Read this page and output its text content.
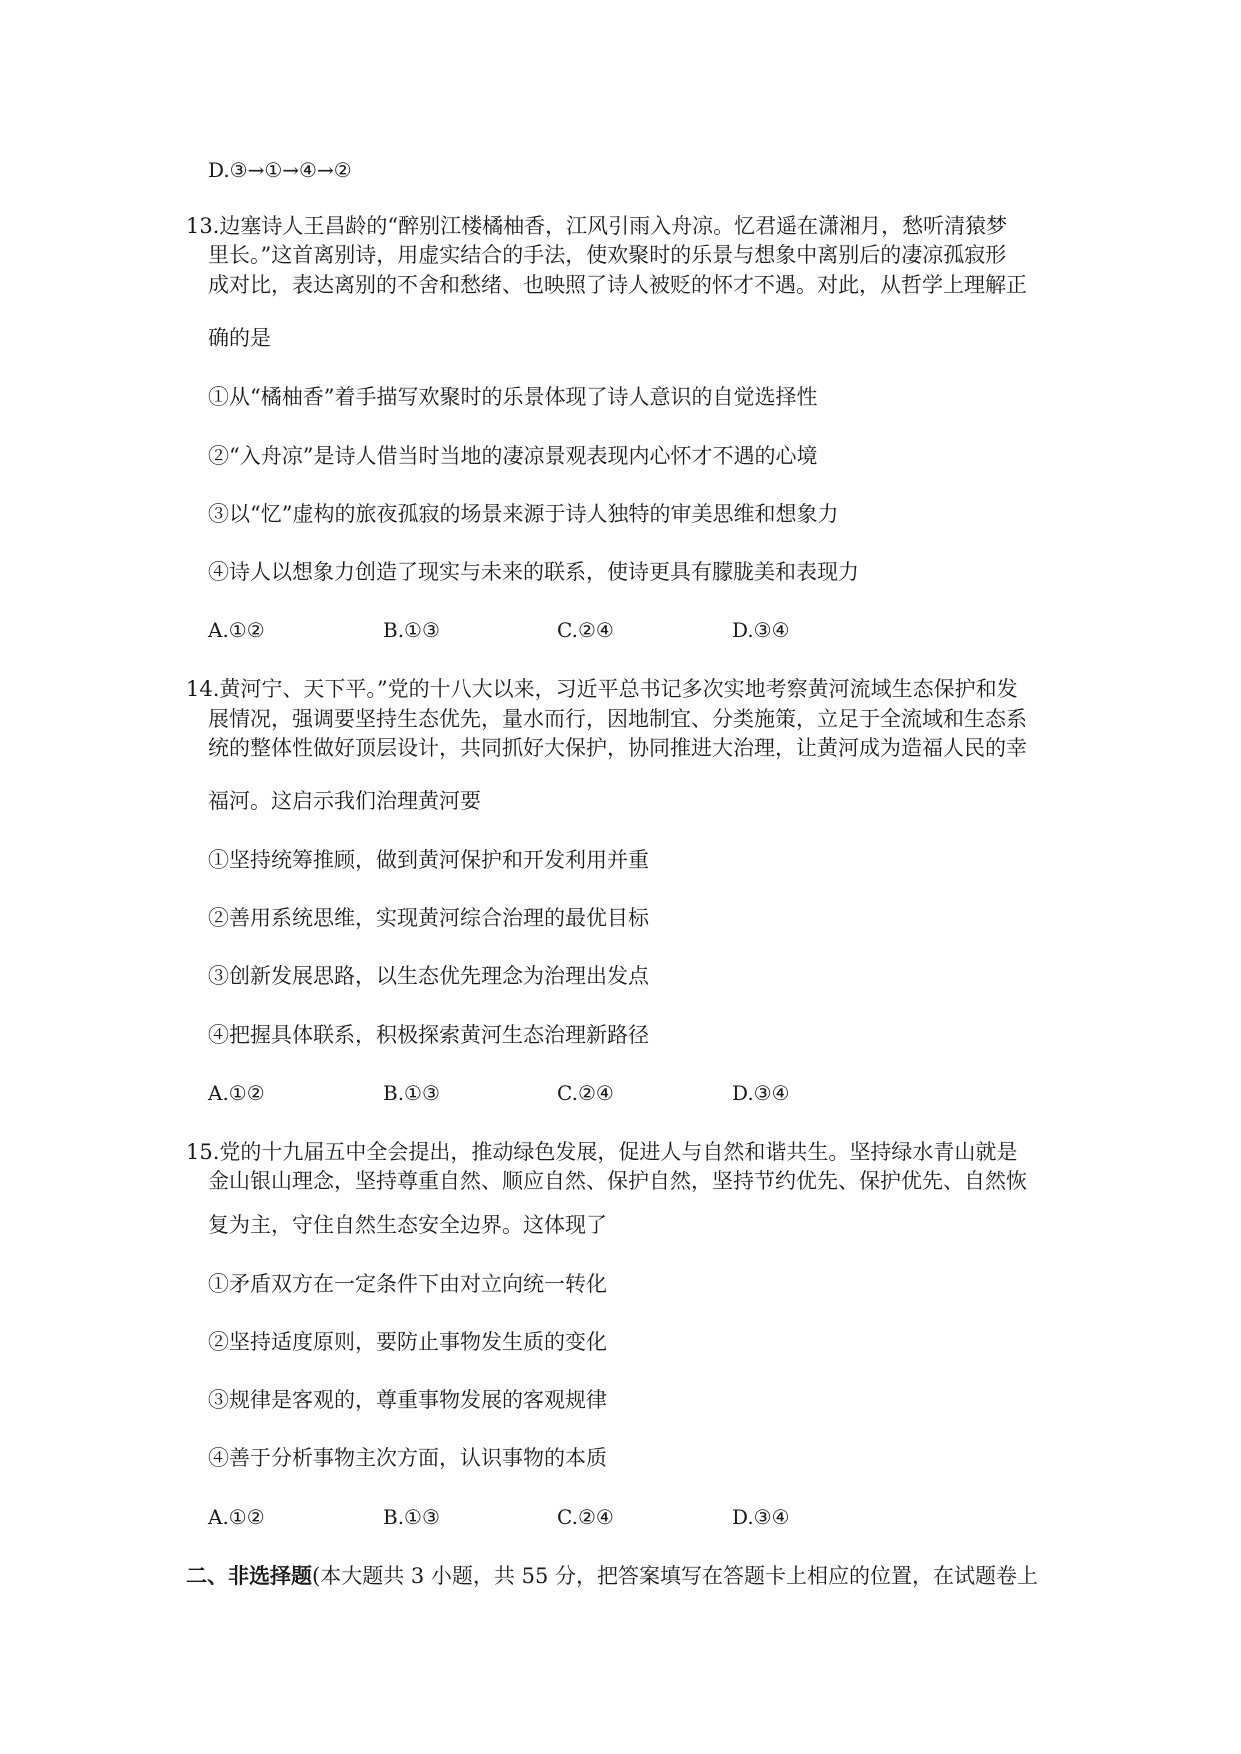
D.③→①→④→②
13.边塞诗人王昌龄的“醉别江楼橘柚香，江风引雨入舟凉。忆君遥在潇湘月，愁听清猿梦
里长。”这首离别诗，用虚实结合的手法，使欢聚时的乐景与想象中离别后的凄凉孤寂形
成对比，表达离别的不舍和愁绪、也映照了诗人被贬的怀才不遇。对此，从哲学上理解正
确的是
①从“橘柚香”着手描写欢聚时的乐景体现了诗人意识的自觉选择性
②“入舟凉”是诗人借当时当地的凄凉景观表现内心怀才不遇的心境
③以“忆”虚构的旅夜孤寂的场景来源于诗人独特的审美思维和想象力
④诗人以想象力创造了现实与未来的联系，使诗更具有朦胧美和表现力
A.①②	B.①③	C.②④	D.③④
14.黄河宁、天下平。”党的十八大以来，习近平总书记多次实地考察黄河流域生态保护和发
展情况，强调要坚持生态优先，量水而行，因地制宜、分类施策，立足于全流域和生态系
统的整体性做好顶层设计，共同抓好大保护，协同推进大治理，让黄河成为造福人民的幸
福河。这启示我们治理黄河要
①坚持统筹推顾，做到黄河保护和开发利用并重
②善用系统思维，实现黄河综合治理的最优目标
③创新发展思路，以生态优先理念为治理出发点
④把握具体联系，积极探索黄河生态治理新路径
A.①②	B.①③	C.②④	D.③④
15.党的十九届五中全会提出，推动绿色发展，促进人与自然和谐共生。坚持绿水青山就是
金山银山理念，坚持尊重自然、顺应自然、保护自然，坚持节约优先、保护优先、自然恢
复为主，守住自然生态安全边界。这体现了
①矛盾双方在一定条件下由对立向统一转化
②坚持适度原则，要防止事物发生质的变化
③规律是客观的，尊重事物发展的客观规律
④善于分析事物主次方面，认识事物的本质
A.①②	B.①③	C.②④	D.③④
二、非选择题(本大题共 3 小题，共 55 分，把答案填写在答题卡上相应的位置，在试题卷上
